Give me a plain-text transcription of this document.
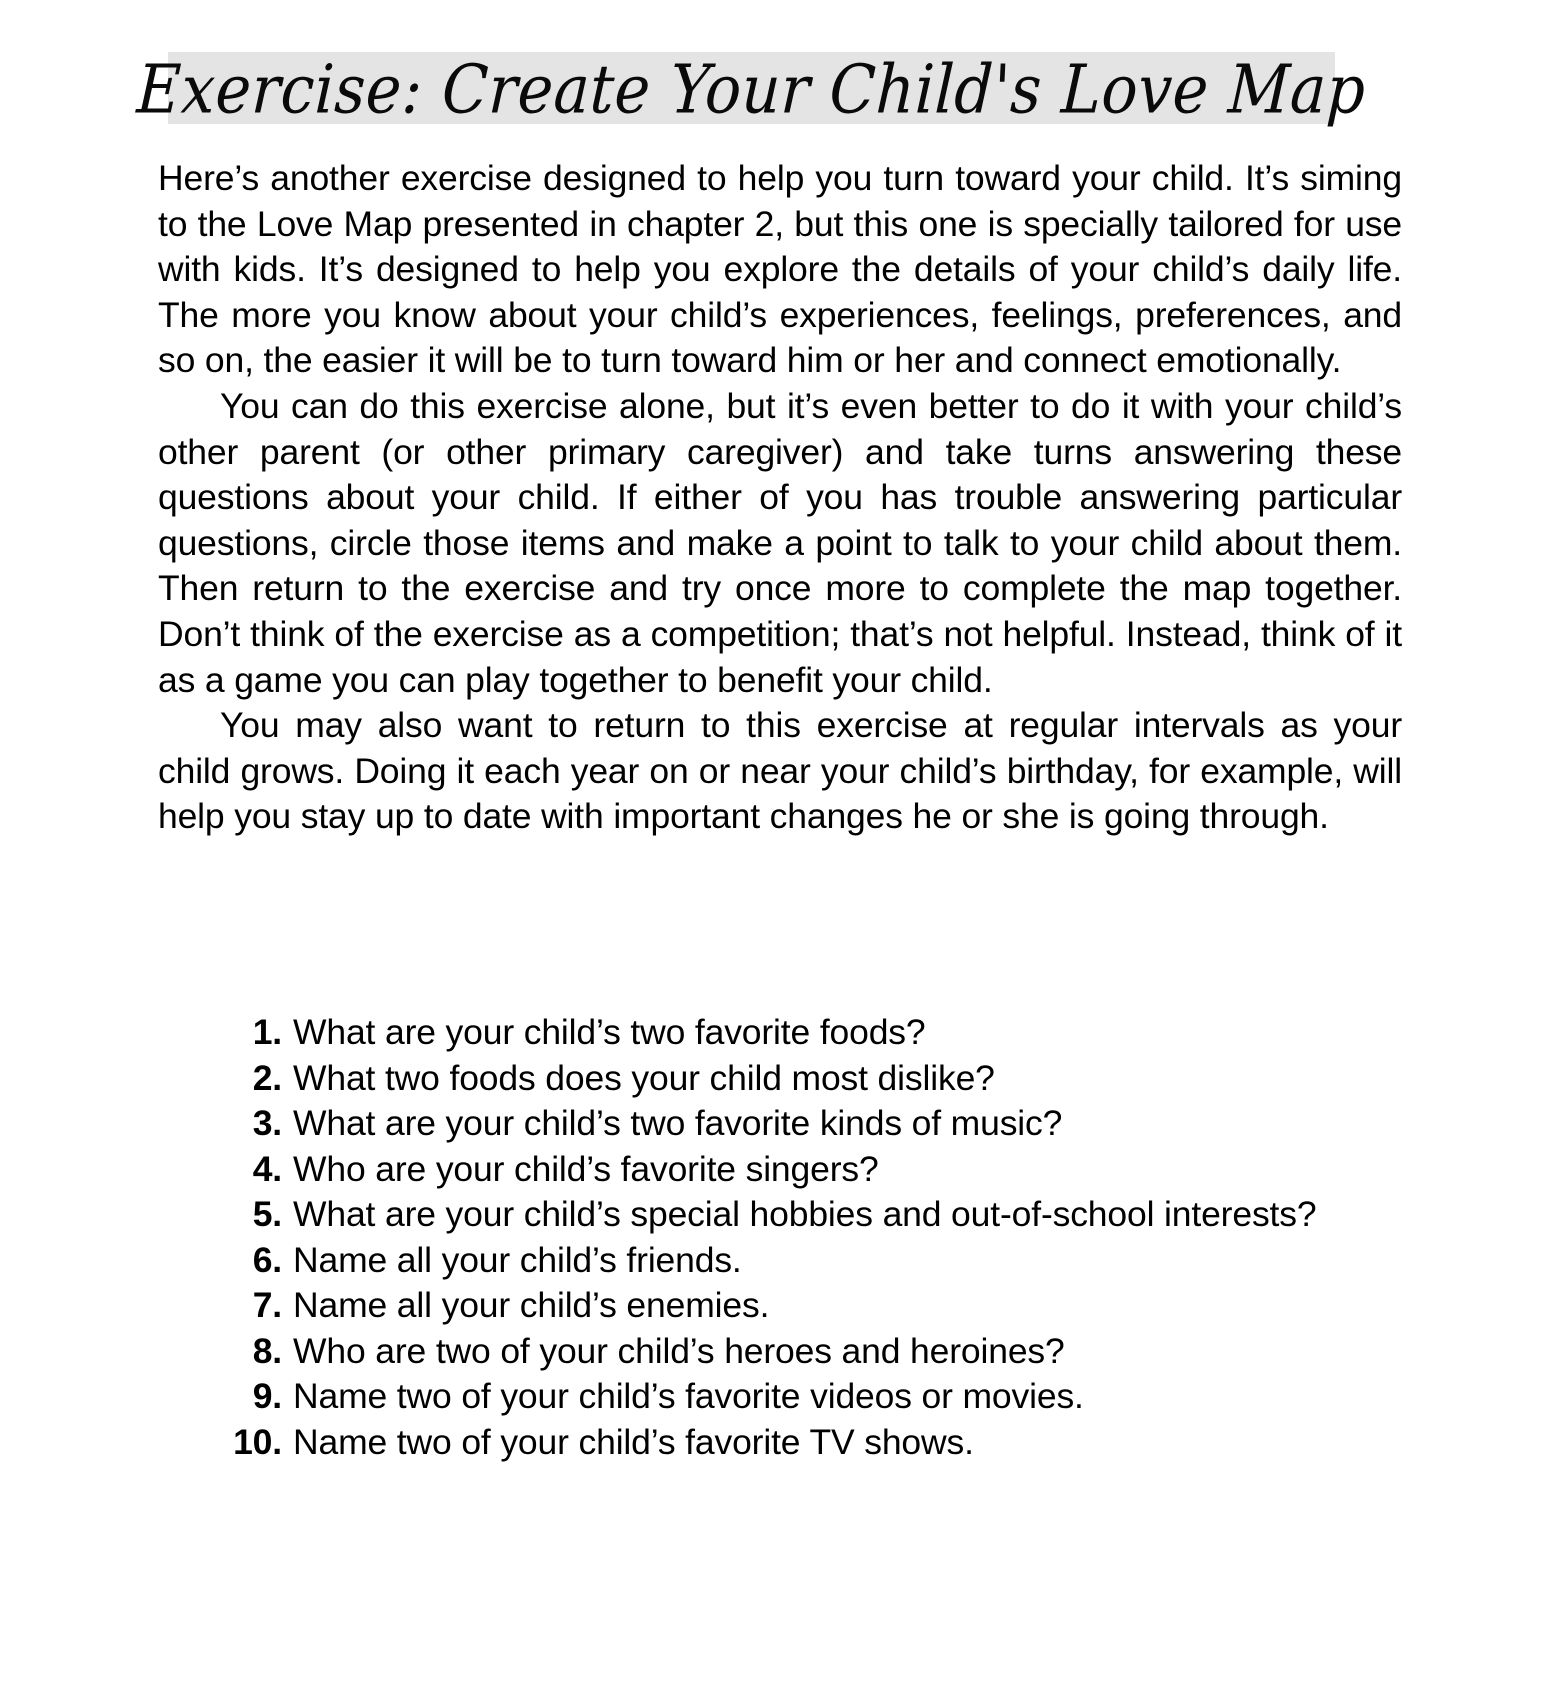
Exercise: Create Your Child's Love Map

Here’s another exercise designed to help you turn toward your child. It’s siming to the Love Map presented in chapter 2, but this one is specially tailored for use with kids. It’s designed to help you explore the details of your child’s daily life. The more you know about your child’s experiences, feelings, preferences, and so on, the easier it will be to turn toward him or her and connect emotionally.

You can do this exercise alone, but it’s even better to do it with your child’s other parent (or other primary caregiver) and take turns answering these questions about your child. If either of you has trouble answering particular questions, circle those items and make a point to talk to your child about them. Then return to the exercise and try once more to complete the map together. Don’t think of the exercise as a competition; that’s not helpful. Instead, think of it as a game you can play together to benefit your child.

You may also want to return to this exercise at regular intervals as your child grows. Doing it each year on or near your child’s birthday, for example, will help you stay up to date with important changes he or she is going through.

1. What are your child’s two favorite foods?
2. What two foods does your child most dislike?
3. What are your child’s two favorite kinds of music?
4. Who are your child’s favorite singers?
5. What are your child’s special hobbies and out-of-school interests?
6. Name all your child’s friends.
7. Name all your child’s enemies.
8. Who are two of your child’s heroes and heroines?
9. Name two of your child’s favorite videos or movies.
10. Name two of your child’s favorite TV shows.
